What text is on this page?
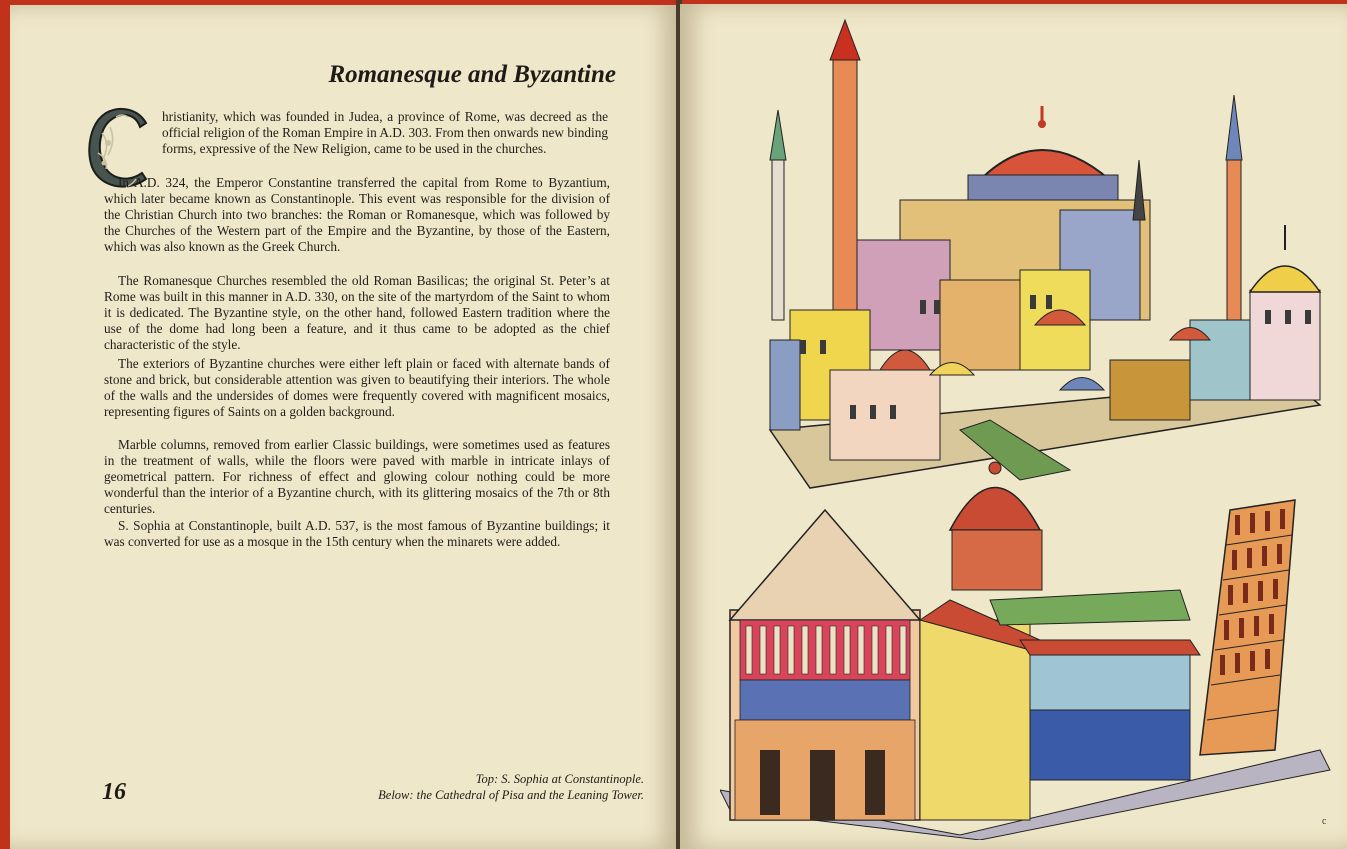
Romanesque and Byzantine
C

hristianity, which was founded in Judea, a province of Rome, was decreed as the official religion of the Roman Empire in A.D. 303. From then onwards new binding forms, expressive of the New Religion, came to be used in the churches.

In A.D. 324, the Emperor Constantine transferred the capital from Rome to Byzantium, which later became known as Constantinople. This event was responsible for the division of the Christian Church into two branches: the Roman or Romanesque, which was followed by the Churches of the Western part of the Empire and the Byzantine, by those of the Eastern, which was also known as the Greek Church.

The Romanesque Churches resembled the old Roman Basilicas; the original St. Peter’s at Rome was built in this manner in A.D. 330, on the site of the martyrdom of the Saint to whom it is dedicated. The Byzantine style, on the other hand, followed Eastern tradition where the use of the dome had long been a feature, and it thus came to be adopted as the chief characteristic of the style.

The exteriors of Byzantine churches were either left plain or faced with alternate bands of stone and brick, but considerable attention was given to beautifying their interiors. The whole of the walls and the undersides of domes were frequently covered with magnificent mosaics, representing figures of Saints on a golden background.

Marble columns, removed from earlier Classic buildings, were sometimes used as features in the treatment of walls, while the floors were paved with marble in intricate inlays of geometrical pattern. For richness of effect and glowing colour nothing could be more wonderful than the interior of a Byzantine church, with its glittering mosaics of the 7th or 8th centuries.

S. Sophia at Constantinople, built A.D. 537, is the most famous of Byzantine buildings; it was converted for use as a mosque in the 15th century when the minarets were added.

16	Top: S. Sophia at Constantinople.
Below: the Cathedral of Pisa and the Leaning Tower.
c
